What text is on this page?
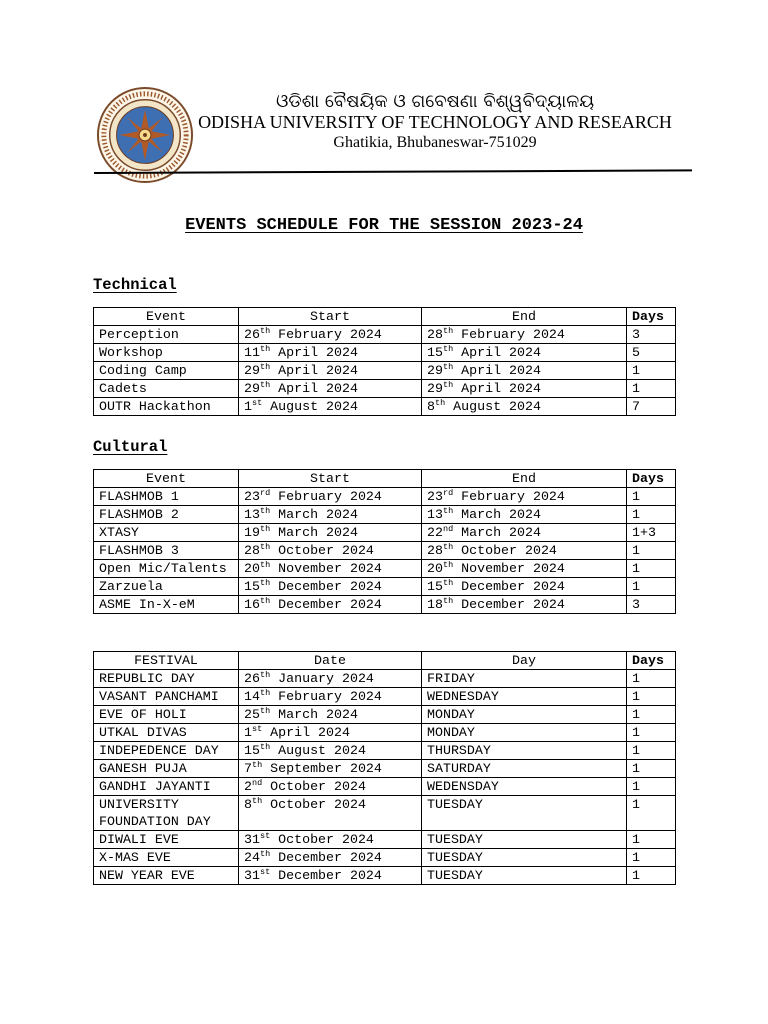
ଓଡିଶା ବୈଷୟିକ ଓ ଗବେଷଣା ବିଶ୍ୱବିଦ୍ୟାଳୟ
ODISHA UNIVERSITY OF TECHNOLOGY AND RESEARCH
Ghatikia, Bhubaneswar-751029
EVENTS SCHEDULE FOR THE SESSION 2023-24
Technical
Event	Start	End	Days
Perception	26th February 2024	28th February 2024	3
Workshop	11th April 2024	15th April 2024	5
Coding Camp	29th April 2024	29th April 2024	1
Cadets	29th April 2024	29th April 2024	1
OUTR Hackathon	1st August 2024	8th August 2024	7
Cultural
Event	Start	End	Days
FLASHMOB 1	23rd February 2024	23rd February 2024	1
FLASHMOB 2	13th March 2024	13th March 2024	1
XTASY	19th March 2024	22nd March 2024	1+3
FLASHMOB 3	28th October 2024	28th October 2024	1
Open Mic/Talents	20th November 2024	20th November 2024	1
Zarzuela	15th December 2024	15th December 2024	1
ASME In-X-eM	16th December 2024	18th December 2024	3
FESTIVAL	Date	Day	Days
REPUBLIC DAY	26th January 2024	FRIDAY	1
VASANT PANCHAMI	14th February 2024	WEDNESDAY	1
EVE OF HOLI	25th March 2024	MONDAY	1
UTKAL DIVAS	1st April 2024	MONDAY	1
INDEPEDENCE DAY	15th August 2024	THURSDAY	1
GANESH PUJA	7th September 2024	SATURDAY	1
GANDHI JAYANTI	2nd October 2024	WEDENSDAY	1
UNIVERSITY FOUNDATION DAY	8th October 2024	TUESDAY	1
DIWALI EVE	31st October 2024	TUESDAY	1
X-MAS EVE	24th December 2024	TUESDAY	1
NEW YEAR EVE	31st December 2024	TUESDAY	1
